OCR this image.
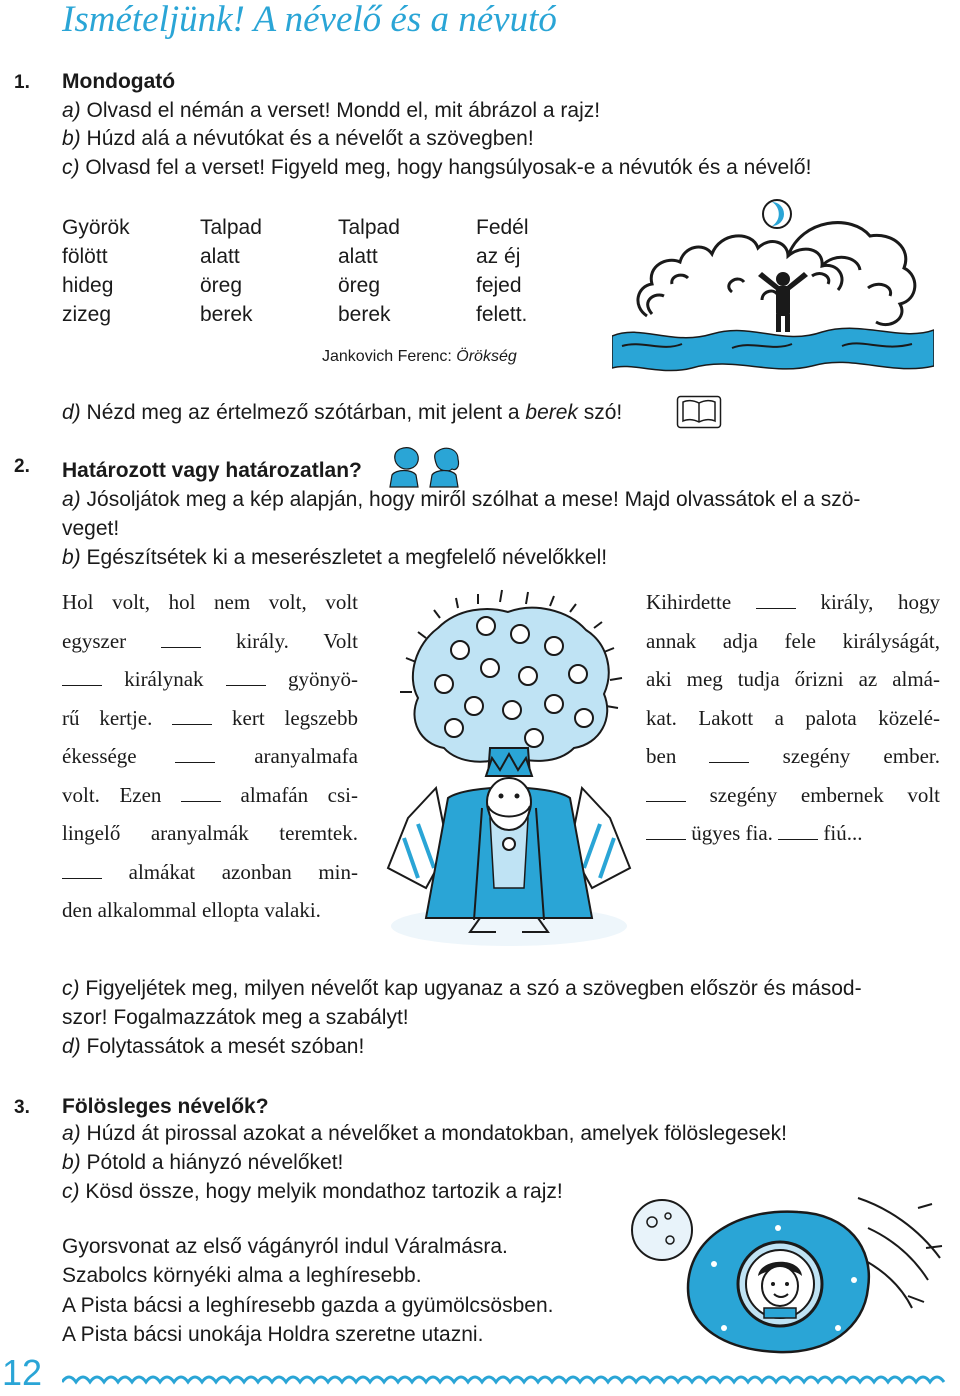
Ismételjünk! A névelő és a névutó
1. Mondogató
a) Olvasd el némán a verset! Mondd el, mit ábrázol a rajz!
b) Húzd alá a névutókat és a névelőt a szövegben!
c) Olvasd fel a verset! Figyeld meg, hogy hangsúlyosak-e a névutók és a névelő!
Györök
fölött
hideg
zizeg
Talpad
alatt
öreg
berek
Talpad
alatt
öreg
berek
Fedél
az éj
fejed
felett.
Jankovich Ferenc: Örökség
d) Nézd meg az értelmező szótárban, mit jelent a berek szó!
2. Határozott vagy határozatlan?
a) Jósoljátok meg a kép alapján, hogy miről szólhat a mese! Majd olvassátok el a szö-
veget!
b) Egészítsétek ki a meserészletet a megfelelő névelőkkel!

Hol volt, hol nem volt, volt

egyszer  király. Volt

királynak  gyönyö-

rű kertje.  kert legszebb

ékessége  aranyalmafa

volt. Ezen  almafán csi-

lingelő aranyalmák teremtek.

almákat azonban min-

den alkalommal ellopta valaki.

Kihirdette  király, hogy

annak adja fele királyságát,

aki meg tudja őrizni az almá-

kat. Lakott a palota közelé-

ben  szegény ember.

szegény embernek volt

ügyes fia.  fiú...

c) Figyeljétek meg, milyen névelőt kap ugyanaz a szó a szövegben először és másod-
szor! Fogalmazzátok meg a szabályt!
d) Folytassátok a mesét szóban!
3. Fölösleges névelők?
a) Húzd át pirossal azokat a névelőket a mondatokban, amelyek fölöslegesek!
b) Pótold a hiányzó névelőket!
c) Kösd össze, hogy melyik mondathoz tartozik a rajz!
Gyorsvonat az első vágányról indul Váralmásra.
Szabolcs környéki alma a leghíresebb.
A Pista bácsi a leghíresebb gazda a gyümölcsösben.
A Pista bácsi unokája Holdra szeretne utazni.
12
